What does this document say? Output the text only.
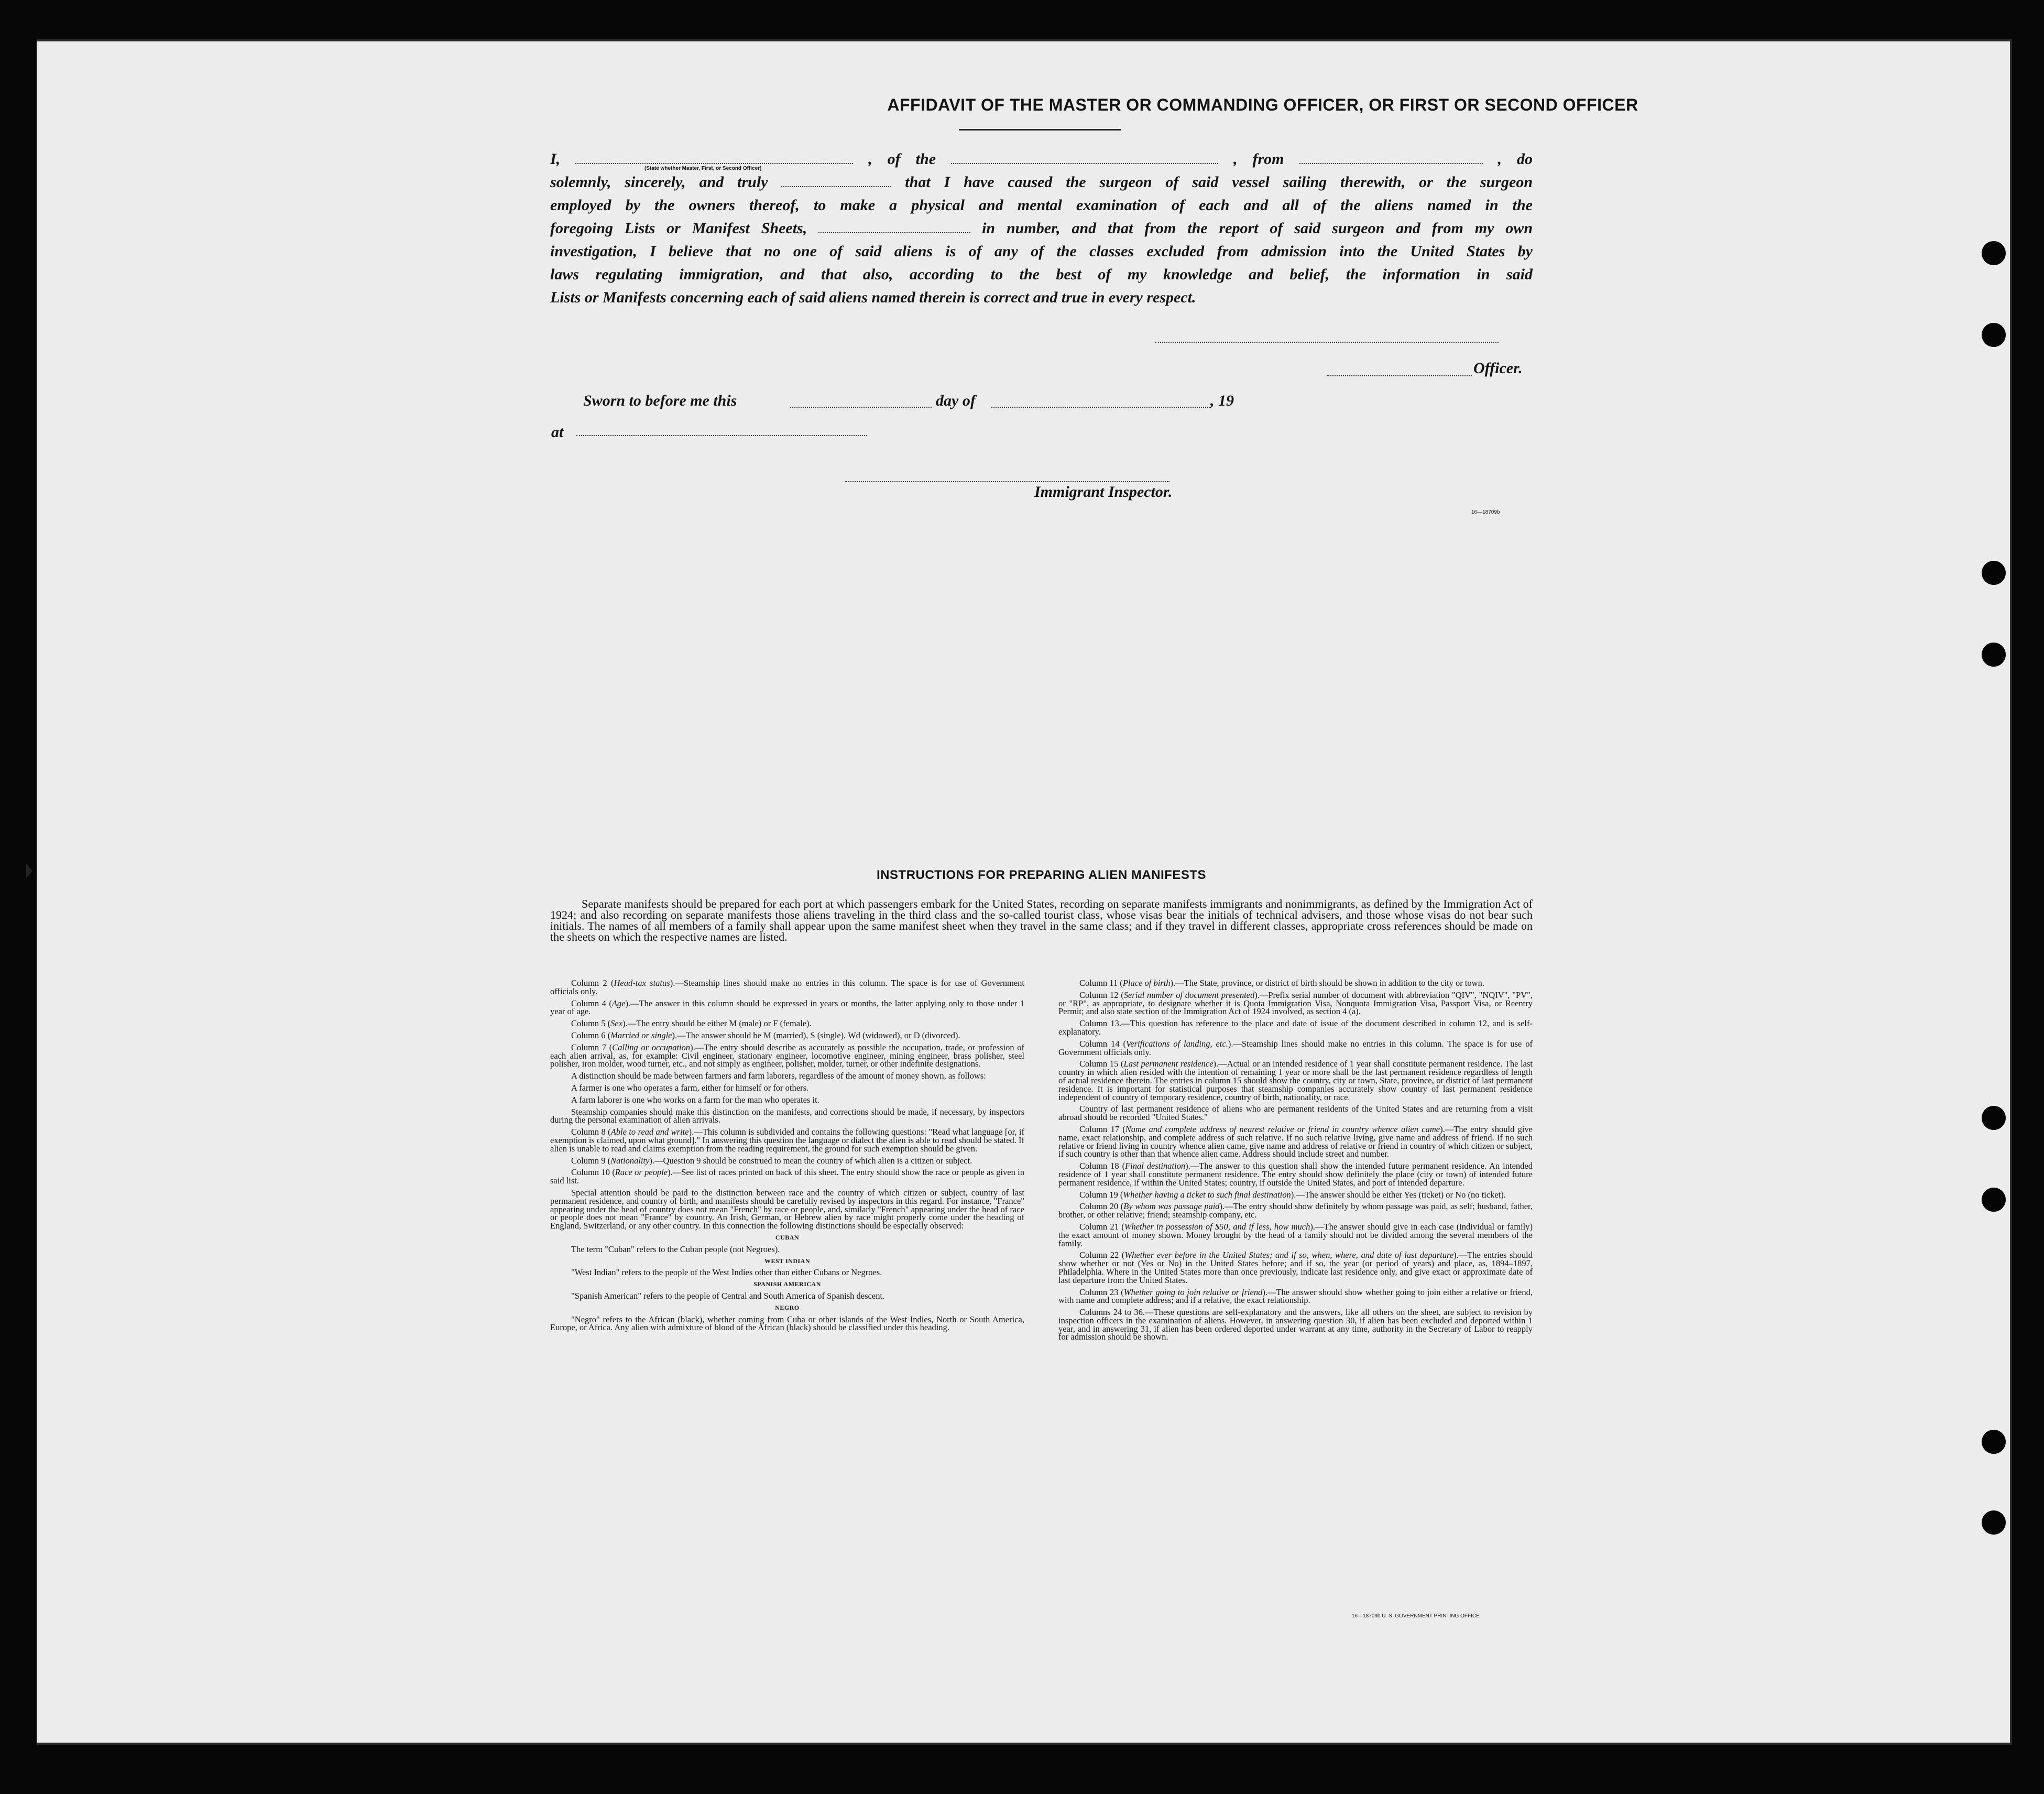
AFFIDAVIT OF THE MASTER OR COMMANDING OFFICER, OR FIRST OR SECOND OFFICER
I,	, of the	, from	, do
(State whether Master, First, or Second Officer)
solemnly, sincerely, and truly	that I have caused the surgeon of said vessel sailing therewith, or the surgeon
employed by the owners thereof, to make a physical and mental examination of each and all of the aliens named in the
foregoing Lists or Manifest Sheets,	in number, and that from the report of said surgeon and from my own
investigation, I believe that no one of said aliens is of any of the classes excluded from admission into the United States by
laws regulating immigration, and that also, according to the best of my knowledge and belief, the information in said
Lists or Manifests concerning each of said aliens named therein is correct and true in every respect.
Officer.
Sworn to before me this	day of	, 19
at
Immigrant Inspector.
16—18709b
INSTRUCTIONS FOR PREPARING ALIEN MANIFESTS

Separate manifests should be prepared for each port at which passengers embark for the United States, recording on separate manifests immigrants and nonimmigrants, as defined by the Immigration Act of 1924; and also recording on separate manifests those aliens traveling in the third class and the so-called tourist class, whose visas bear the initials of technical advisers, and those whose visas do not bear such initials. The names of all members of a family shall appear upon the same manifest sheet when they travel in the same class; and if they travel in different classes, appropriate cross references should be made on the sheets on which the respective names are listed.

Column 2 (Head-tax status).—Steamship lines should make no entries in this column. The space is for use of Government officials only.

Column 4 (Age).—The answer in this column should be expressed in years or months, the latter applying only to those under 1 year of age.

Column 5 (Sex).—The entry should be either M (male) or F (female).

Column 6 (Married or single).—The answer should be M (married), S (single), Wd (widowed), or D (divorced).

Column 7 (Calling or occupation).—The entry should describe as accurately as possible the occupation, trade, or profession of each alien arrival, as, for example: Civil engineer, stationary engineer, locomotive engineer, mining engineer, brass polisher, steel polisher, iron molder, wood turner, etc., and not simply as engineer, polisher, molder, turner, or other indefinite designations.

A distinction should be made between farmers and farm laborers, regardless of the amount of money shown, as follows:

A farmer is one who operates a farm, either for himself or for others.

A farm laborer is one who works on a farm for the man who operates it.

Steamship companies should make this distinction on the manifests, and corrections should be made, if necessary, by inspectors during the personal examination of alien arrivals.

Column 8 (Able to read and write).—This column is subdivided and contains the following questions: "Read what language [or, if exemption is claimed, upon what ground]." In answering this question the language or dialect the alien is able to read should be stated. If alien is unable to read and claims exemption from the reading requirement, the ground for such exemption should be given.

Column 9 (Nationality).—Question 9 should be construed to mean the country of which alien is a citizen or subject.

Column 10 (Race or people).—See list of races printed on back of this sheet. The entry should show the race or people as given in said list.

Special attention should be paid to the distinction between race and the country of which citizen or subject, country of last permanent residence, and country of birth, and manifests should be carefully revised by inspectors in this regard. For instance, "France" appearing under the head of country does not mean "French" by race or people, and, similarly "French" appearing under the head of race or people does not mean "France" by country. An Irish, German, or Hebrew alien by race might properly come under the heading of England, Switzerland, or any other country. In this connection the following distinctions should be especially observed:

CUBAN

The term "Cuban" refers to the Cuban people (not Negroes).

WEST INDIAN

"West Indian" refers to the people of the West Indies other than either Cubans or Negroes.

SPANISH AMERICAN

"Spanish American" refers to the people of Central and South America of Spanish descent.

NEGRO

"Negro" refers to the African (black), whether coming from Cuba or other islands of the West Indies, North or South America, Europe, or Africa. Any alien with admixture of blood of the African (black) should be classified under this heading.

Column 11 (Place of birth).—The State, province, or district of birth should be shown in addition to the city or town.

Column 12 (Serial number of document presented).—Prefix serial number of document with abbreviation "QIV", "NQIV", "PV", or "RP", as appropriate, to designate whether it is Quota Immigration Visa, Nonquota Immigration Visa, Passport Visa, or Reentry Permit; and also state section of the Immigration Act of 1924 involved, as section 4 (a).

Column 13.—This question has reference to the place and date of issue of the document described in column 12, and is self-explanatory.

Column 14 (Verifications of landing, etc.).—Steamship lines should make no entries in this column. The space is for use of Government officials only.

Column 15 (Last permanent residence).—Actual or an intended residence of 1 year shall constitute permanent residence. The last country in which alien resided with the intention of remaining 1 year or more shall be the last permanent residence regardless of length of actual residence therein. The entries in column 15 should show the country, city or town, State, province, or district of last permanent residence. It is important for statistical purposes that steamship companies accurately show country of last permanent residence independent of country of temporary residence, country of birth, nationality, or race.

Country of last permanent residence of aliens who are permanent residents of the United States and are returning from a visit abroad should be recorded "United States."

Column 17 (Name and complete address of nearest relative or friend in country whence alien came).—The entry should give name, exact relationship, and complete address of such relative. If no such relative living, give name and address of friend. If no such relative or friend living in country whence alien came, give name and address of relative or friend in country of which citizen or subject, if such country is other than that whence alien came. Address should include street and number.

Column 18 (Final destination).—The answer to this question shall show the intended future permanent residence. An intended residence of 1 year shall constitute permanent residence. The entry should show definitely the place (city or town) of intended future permanent residence, if within the United States; country, if outside the United States, and port of intended departure.

Column 19 (Whether having a ticket to such final destination).—The answer should be either Yes (ticket) or No (no ticket).

Column 20 (By whom was passage paid).—The entry should show definitely by whom passage was paid, as self; husband, father, brother, or other relative; friend; steamship company, etc.

Column 21 (Whether in possession of $50, and if less, how much).—The answer should give in each case (individual or family) the exact amount of money shown. Money brought by the head of a family should not be divided among the several members of the family.

Column 22 (Whether ever before in the United States; and if so, when, where, and date of last departure).—The entries should show whether or not (Yes or No) in the United States before; and if so, the year (or period of years) and place, as, 1894–1897, Philadelphia. Where in the United States more than once previously, indicate last residence only, and give exact or approximate date of last departure from the United States.

Column 23 (Whether going to join relative or friend).—The answer should show whether going to join either a relative or friend, with name and complete address; and if a relative, the exact relationship.

Columns 24 to 36.—These questions are self-explanatory and the answers, like all others on the sheet, are subject to revision by inspection officers in the examination of aliens. However, in answering question 30, if alien has been excluded and deported within 1 year, and in answering 31, if alien has been ordered deported under warrant at any time, authority in the Secretary of Labor to reapply for admission should be shown.

16—18709b U. S. GOVERNMENT PRINTING OFFICE
